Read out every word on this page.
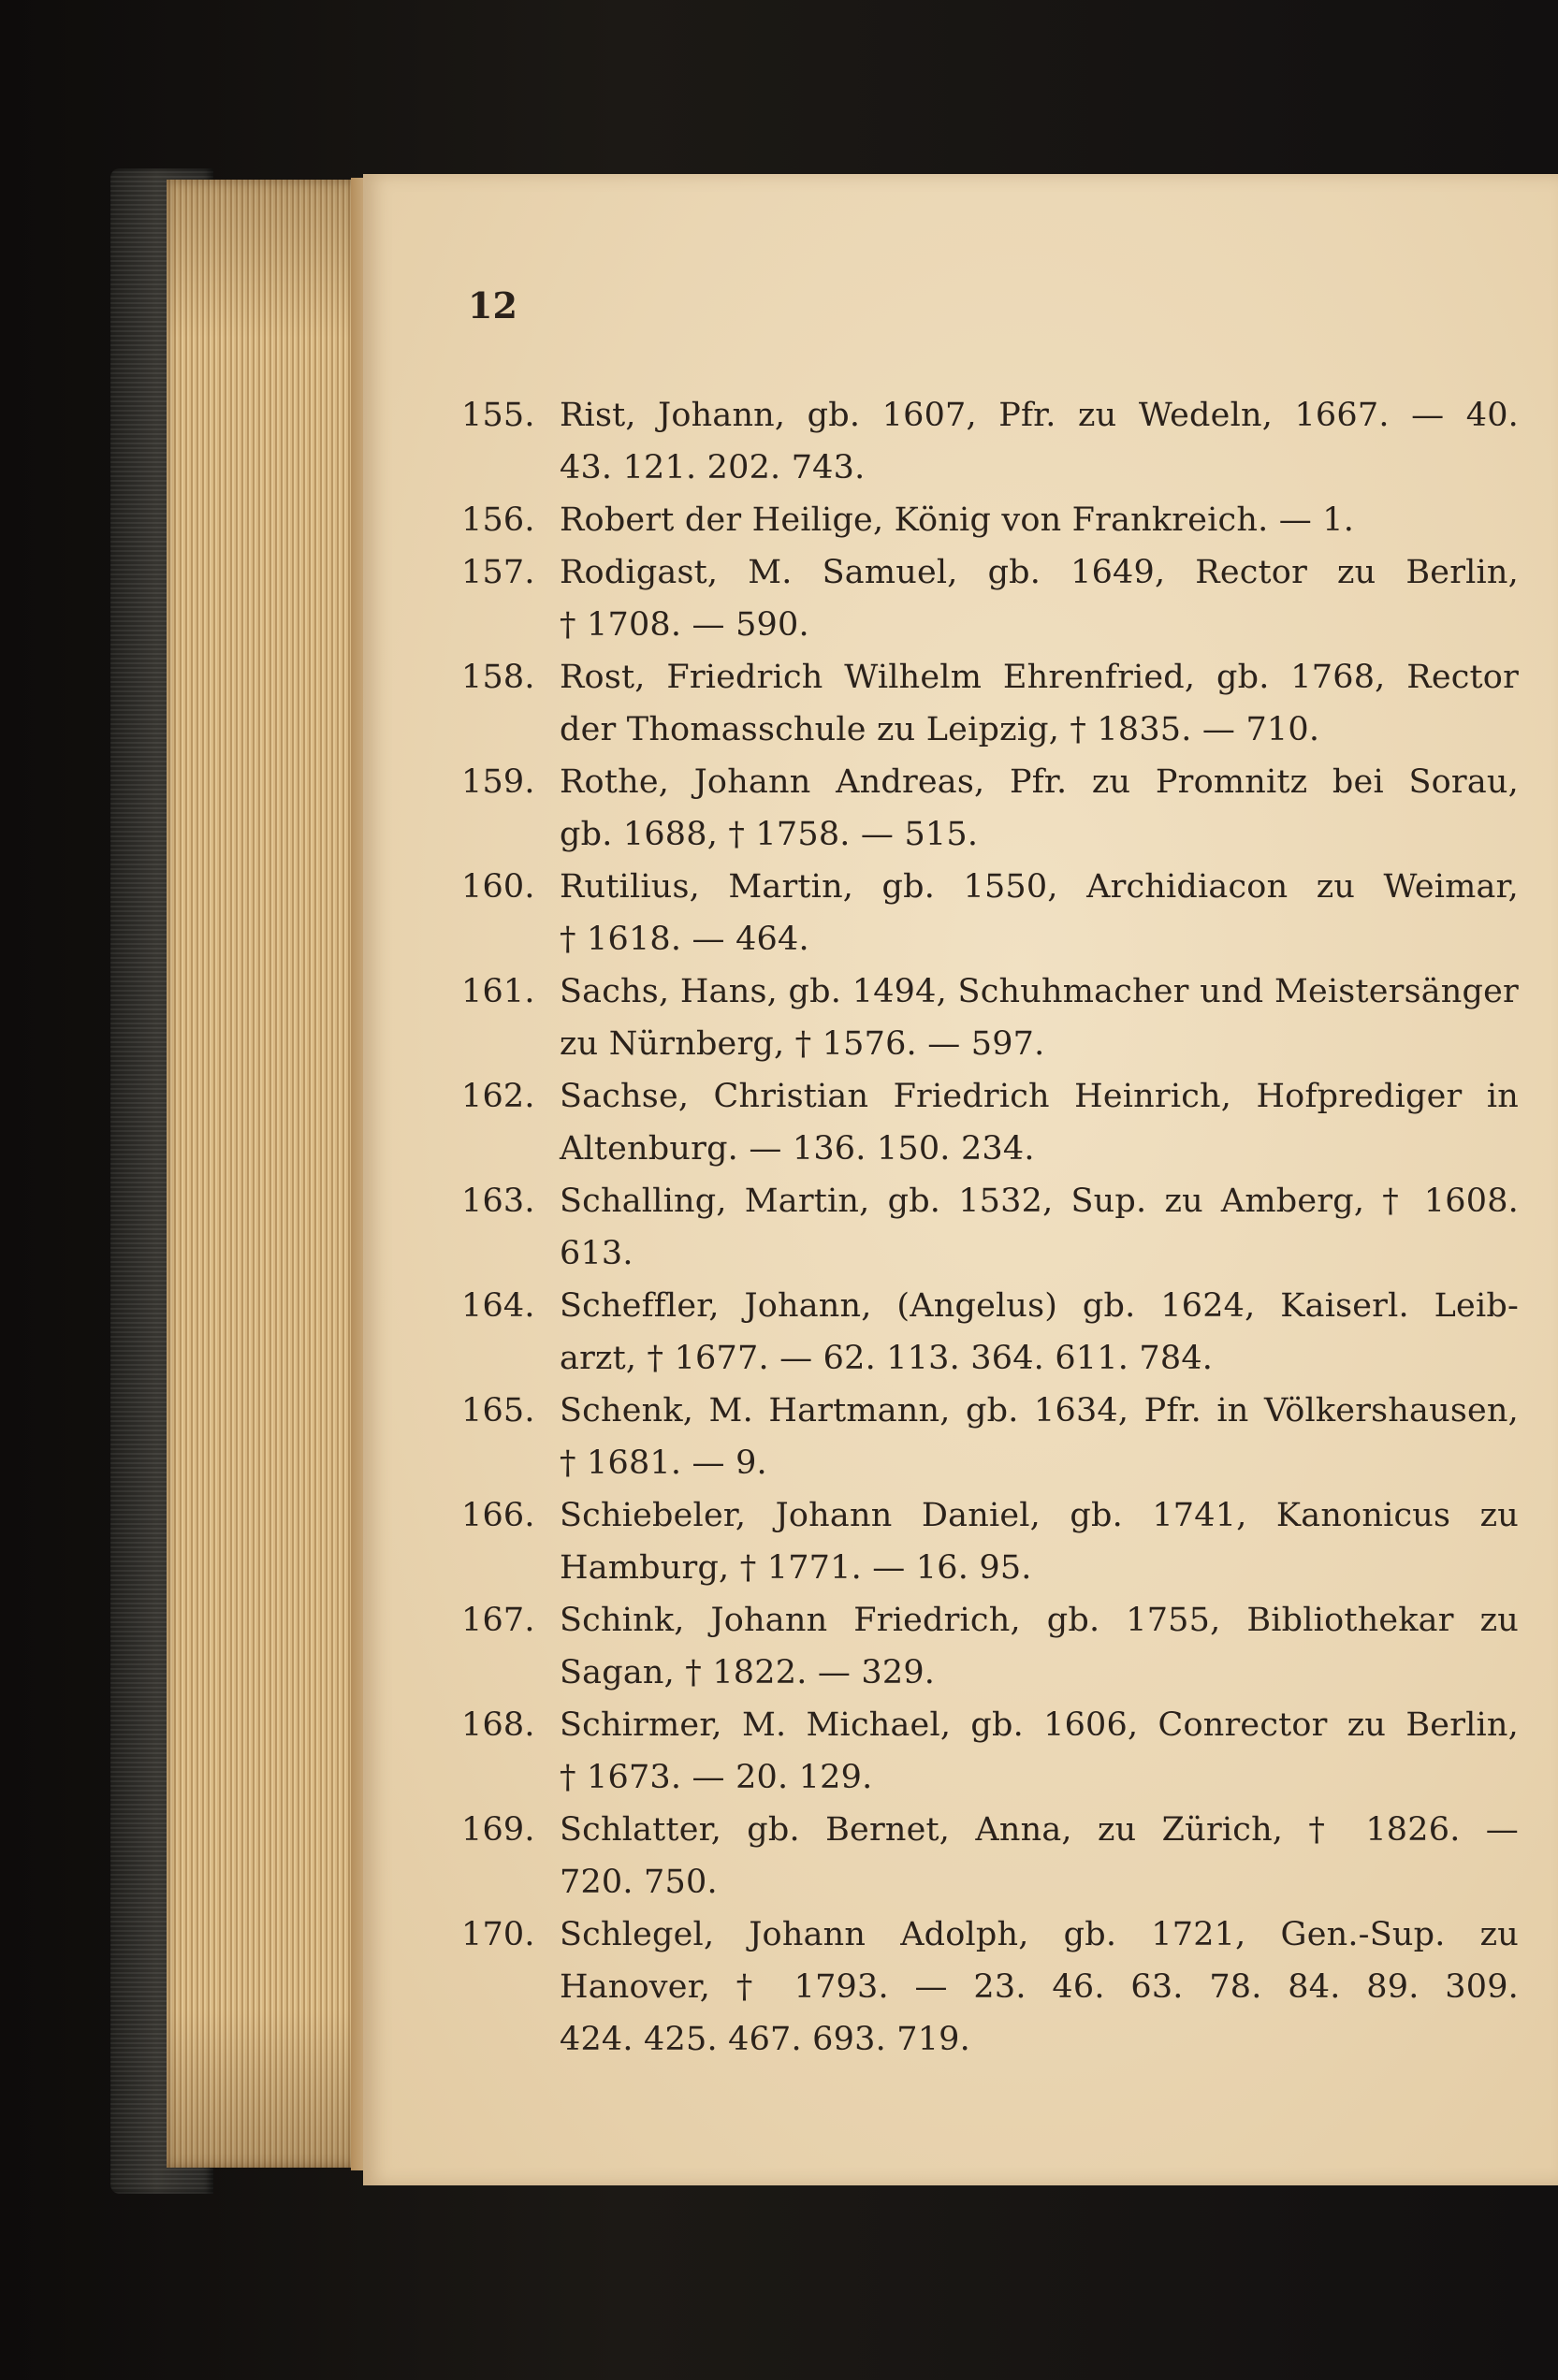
12
155. Rist, Johann, gb. 1607, Pfr. zu Wedeln, 1667. — 40.
43. 121. 202. 743.
156. Robert der Heilige, König von Frankreich. — 1.
157. Rodigast, M. Samuel, gb. 1649, Rector zu Berlin,
† 1708. — 590.
158. Rost, Friedrich Wilhelm Ehrenfried, gb. 1768, Rector
der Thomasschule zu Leipzig, † 1835. — 710.
159. Rothe, Johann Andreas, Pfr. zu Promnitz bei Sorau,
gb. 1688, † 1758. — 515.
160. Rutilius, Martin, gb. 1550, Archidiacon zu Weimar,
† 1618. — 464.
161. Sachs, Hans, gb. 1494, Schuhmacher und Meistersänger
zu Nürnberg, † 1576. — 597.
162. Sachse, Christian Friedrich Heinrich, Hofprediger in
Altenburg. — 136. 150. 234.
163. Schalling, Martin, gb. 1532, Sup. zu Amberg, † 1608.
613.
164. Scheffler, Johann, (Angelus) gb. 1624, Kaiserl. Leib-
arzt, † 1677. — 62. 113. 364. 611. 784.
165. Schenk, M. Hartmann, gb. 1634, Pfr. in Völkershausen,
† 1681. — 9.
166. Schiebeler, Johann Daniel, gb. 1741, Kanonicus zu
Hamburg, † 1771. — 16. 95.
167. Schink, Johann Friedrich, gb. 1755, Bibliothekar zu
Sagan, † 1822. — 329.
168. Schirmer, M. Michael, gb. 1606, Conrector zu Berlin,
† 1673. — 20. 129.
169. Schlatter, gb. Bernet, Anna, zu Zürich, † 1826. —
720. 750.
170. Schlegel, Johann Adolph, gb. 1721, Gen.-Sup. zu
Hanover, † 1793. — 23. 46. 63. 78. 84. 89. 309.
424. 425. 467. 693. 719.
